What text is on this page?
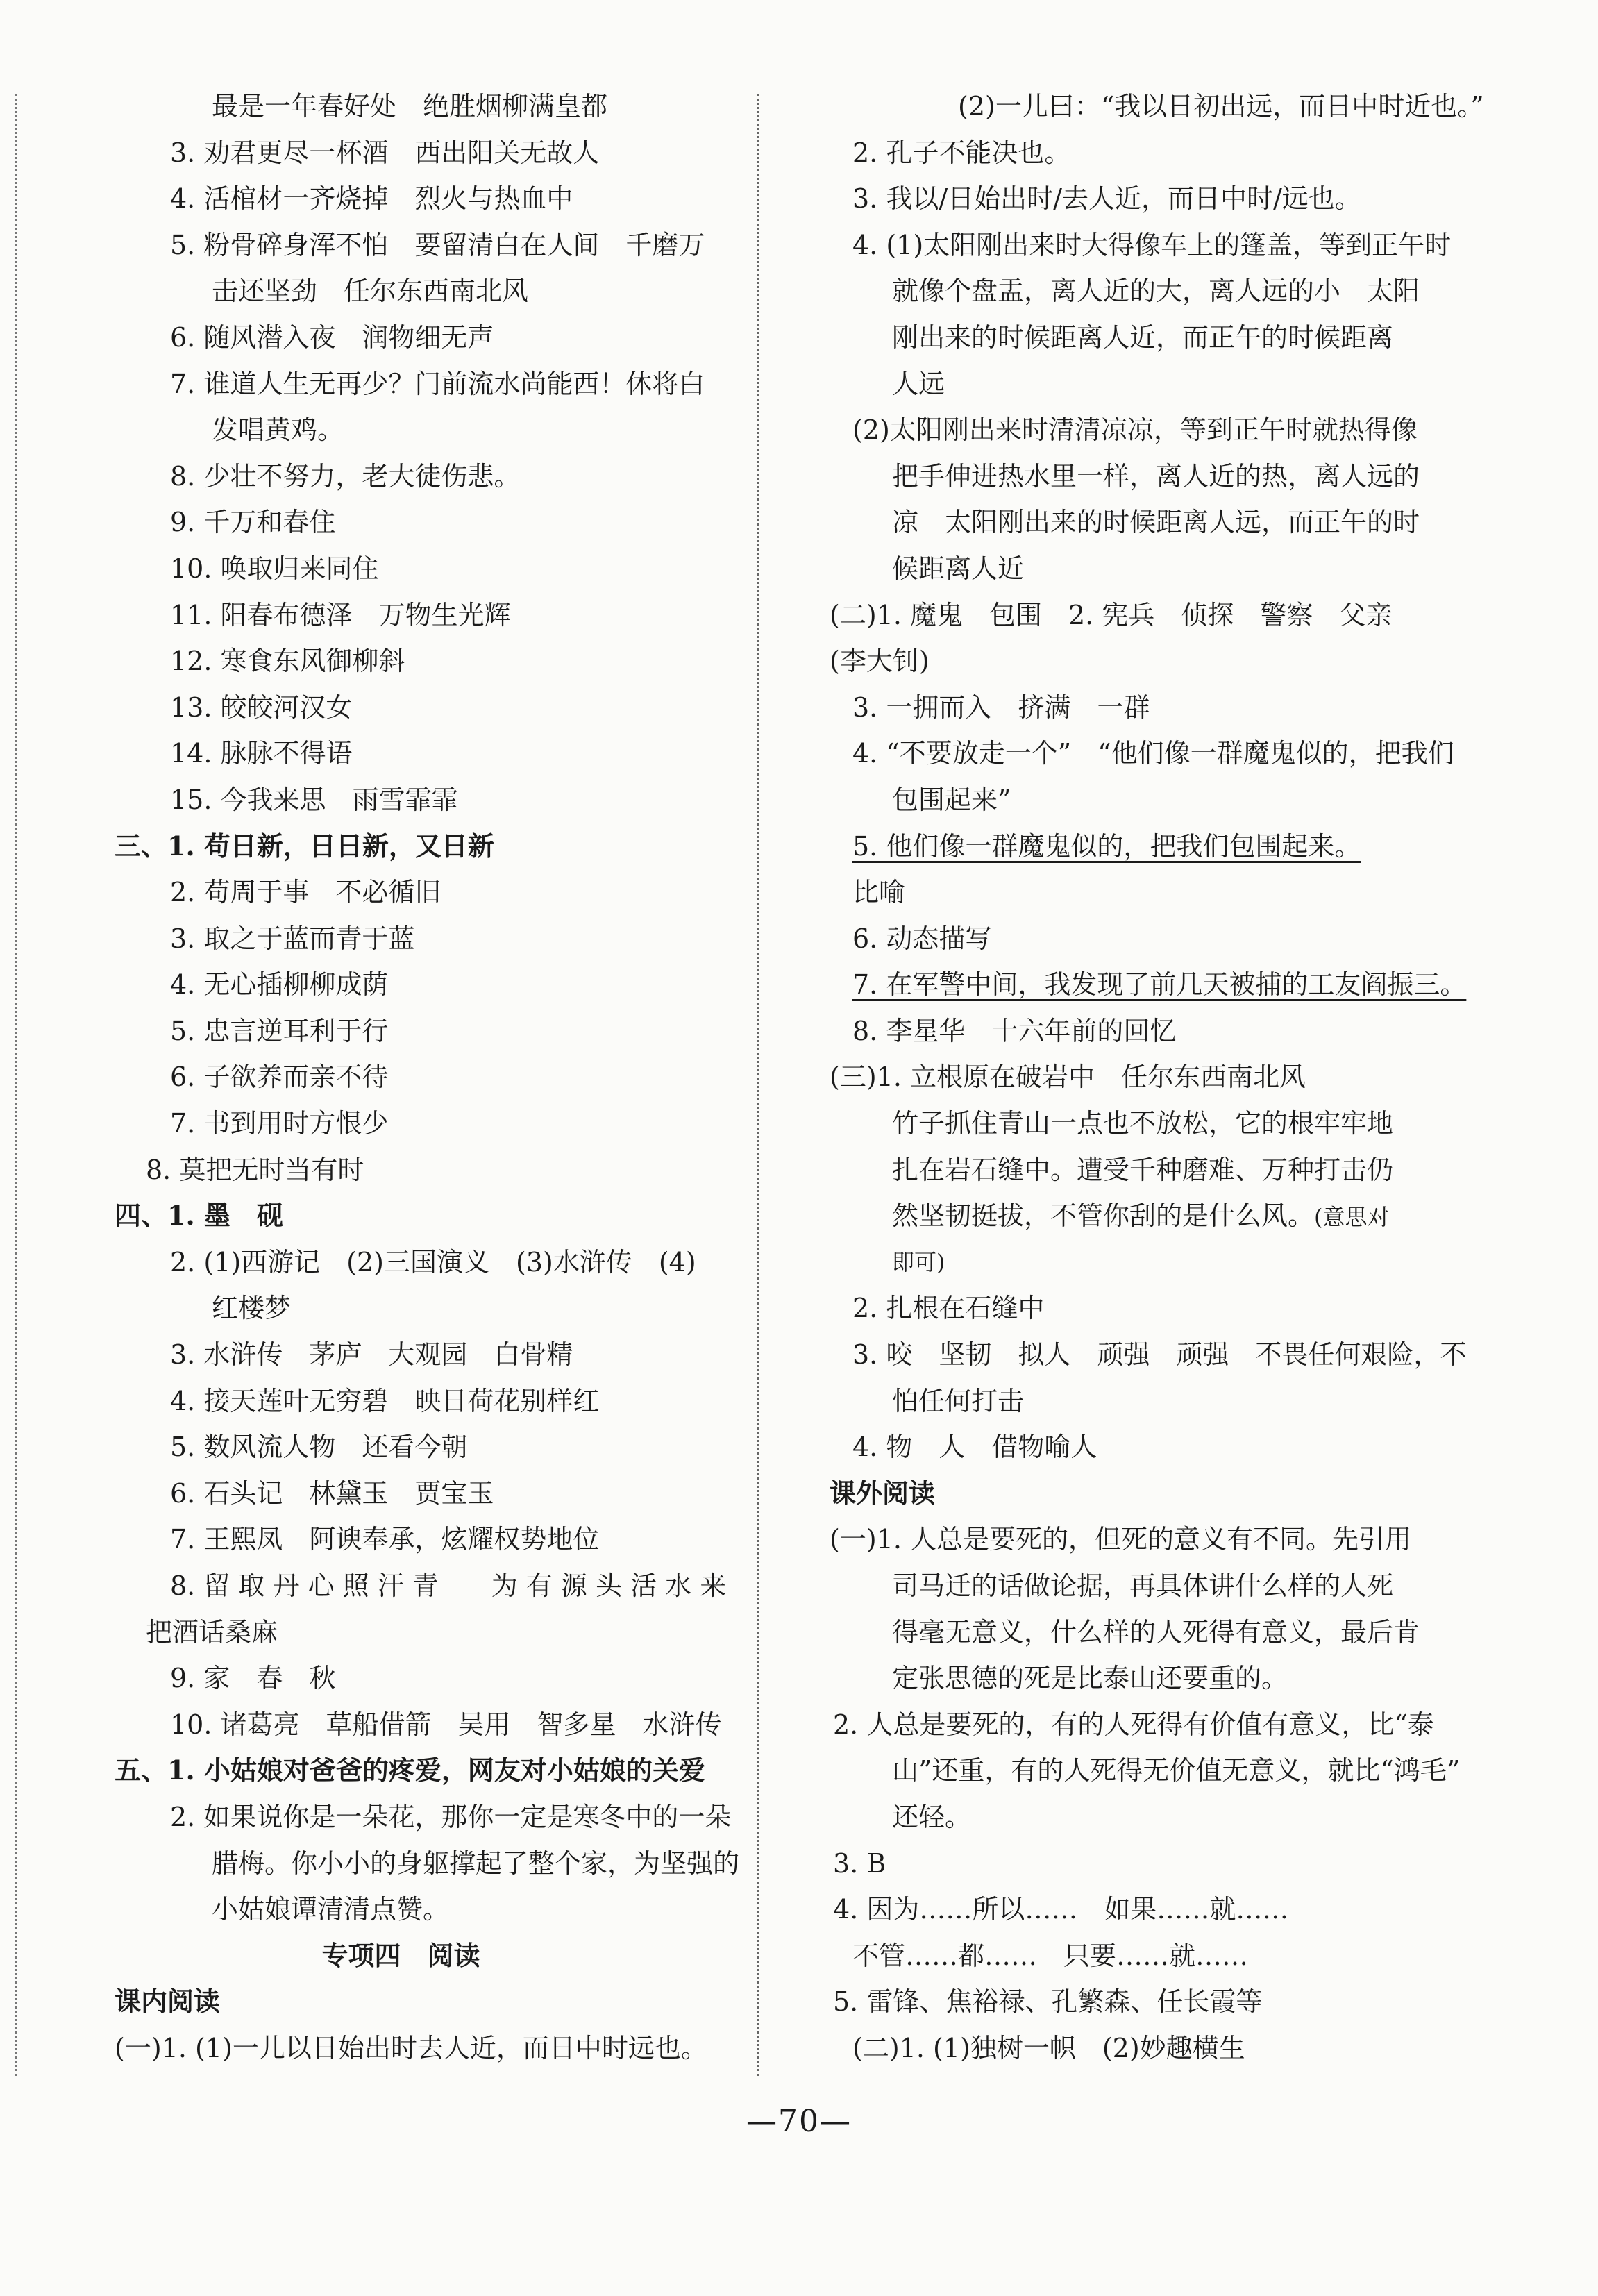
最是一年春好处　绝胜烟柳满皇都
3. 劝君更尽一杯酒　西出阳关无故人
4. 活棺材一齐烧掉　烈火与热血中
5. 粉骨碎身浑不怕　要留清白在人间　千磨万
击还坚劲　任尔东西南北风
6. 随风潜入夜　润物细无声
7. 谁道人生无再少？门前流水尚能西！休将白
发唱黄鸡。
8. 少壮不努力，老大徒伤悲。
9. 千万和春住
10. 唤取归来同住
11. 阳春布德泽　万物生光辉
12. 寒食东风御柳斜
13. 皎皎河汉女
14. 脉脉不得语
15. 今我来思　雨雪霏霏
三、1. 苟日新，日日新，又日新
2. 苟周于事　不必循旧
3. 取之于蓝而青于蓝
4. 无心插柳柳成荫
5. 忠言逆耳利于行
6. 子欲养而亲不待
7. 书到用时方恨少
8. 莫把无时当有时
四、1. 墨　砚
2. (1)西游记　(2)三国演义　(3)水浒传　(4)
红楼梦
3. 水浒传　茅庐　大观园　白骨精
4. 接天莲叶无穷碧　映日荷花别样红
5. 数风流人物　还看今朝
6. 石头记　林黛玉　贾宝玉
7. 王熙凤　阿谀奉承，炫耀权势地位
8. 留 取 丹 心 照 汗 青　　为 有 源 头 活 水 来
把酒话桑麻
9. 家　春　秋
10. 诸葛亮　草船借箭　吴用　智多星　水浒传
五、1. 小姑娘对爸爸的疼爱，网友对小姑娘的关爱
2. 如果说你是一朵花，那你一定是寒冬中的一朵
腊梅。你小小的身躯撑起了整个家，为坚强的
小姑娘谭清清点赞。
专项四　阅读
课内阅读
(一)1. (1)一儿以日始出时去人近，而日中时远也。
(2)一儿曰：“我以日初出远，而日中时近也。”
2. 孔子不能决也。
3. 我以/日始出时/去人近，而日中时/远也。
4. (1)太阳刚出来时大得像车上的篷盖，等到正午时
就像个盘盂，离人近的大，离人远的小　太阳
刚出来的时候距离人近，而正午的时候距离
人远
(2)太阳刚出来时清清凉凉，等到正午时就热得像
把手伸进热水里一样，离人近的热，离人远的
凉　太阳刚出来的时候距离人远，而正午的时
候距离人近
(二)1. 魔鬼　包围　2. 宪兵　侦探　警察　父亲
(李大钊)
3. 一拥而入　挤满　一群
4. “不要放走一个”　“他们像一群魔鬼似的，把我们
包围起来”
5. 他们像一群魔鬼似的，把我们包围起来。
比喻
6. 动态描写
7. 在军警中间，我发现了前几天被捕的工友阎振三。
8. 李星华　十六年前的回忆
(三)1. 立根原在破岩中　任尔东西南北风
竹子抓住青山一点也不放松，它的根牢牢地
扎在岩石缝中。遭受千种磨难、万种打击仍
然坚韧挺拔，不管你刮的是什么风。(意思对
即可)
2. 扎根在石缝中
3. 咬　坚韧　拟人　顽强　顽强　不畏任何艰险，不
怕任何打击
4. 物　人　借物喻人
课外阅读
(一)1. 人总是要死的，但死的意义有不同。先引用
司马迁的话做论据，再具体讲什么样的人死
得毫无意义，什么样的人死得有意义，最后肯
定张思德的死是比泰山还要重的。
2. 人总是要死的，有的人死得有价值有意义，比“泰
山”还重，有的人死得无价值无意义，就比“鸿毛”
还轻。
3. B
4. 因为……所以……　如果……就……
不管……都……　只要……就……
5. 雷锋、焦裕禄、孔繁森、任长霞等
(二)1. (1)独树一帜　(2)妙趣横生
—70—
